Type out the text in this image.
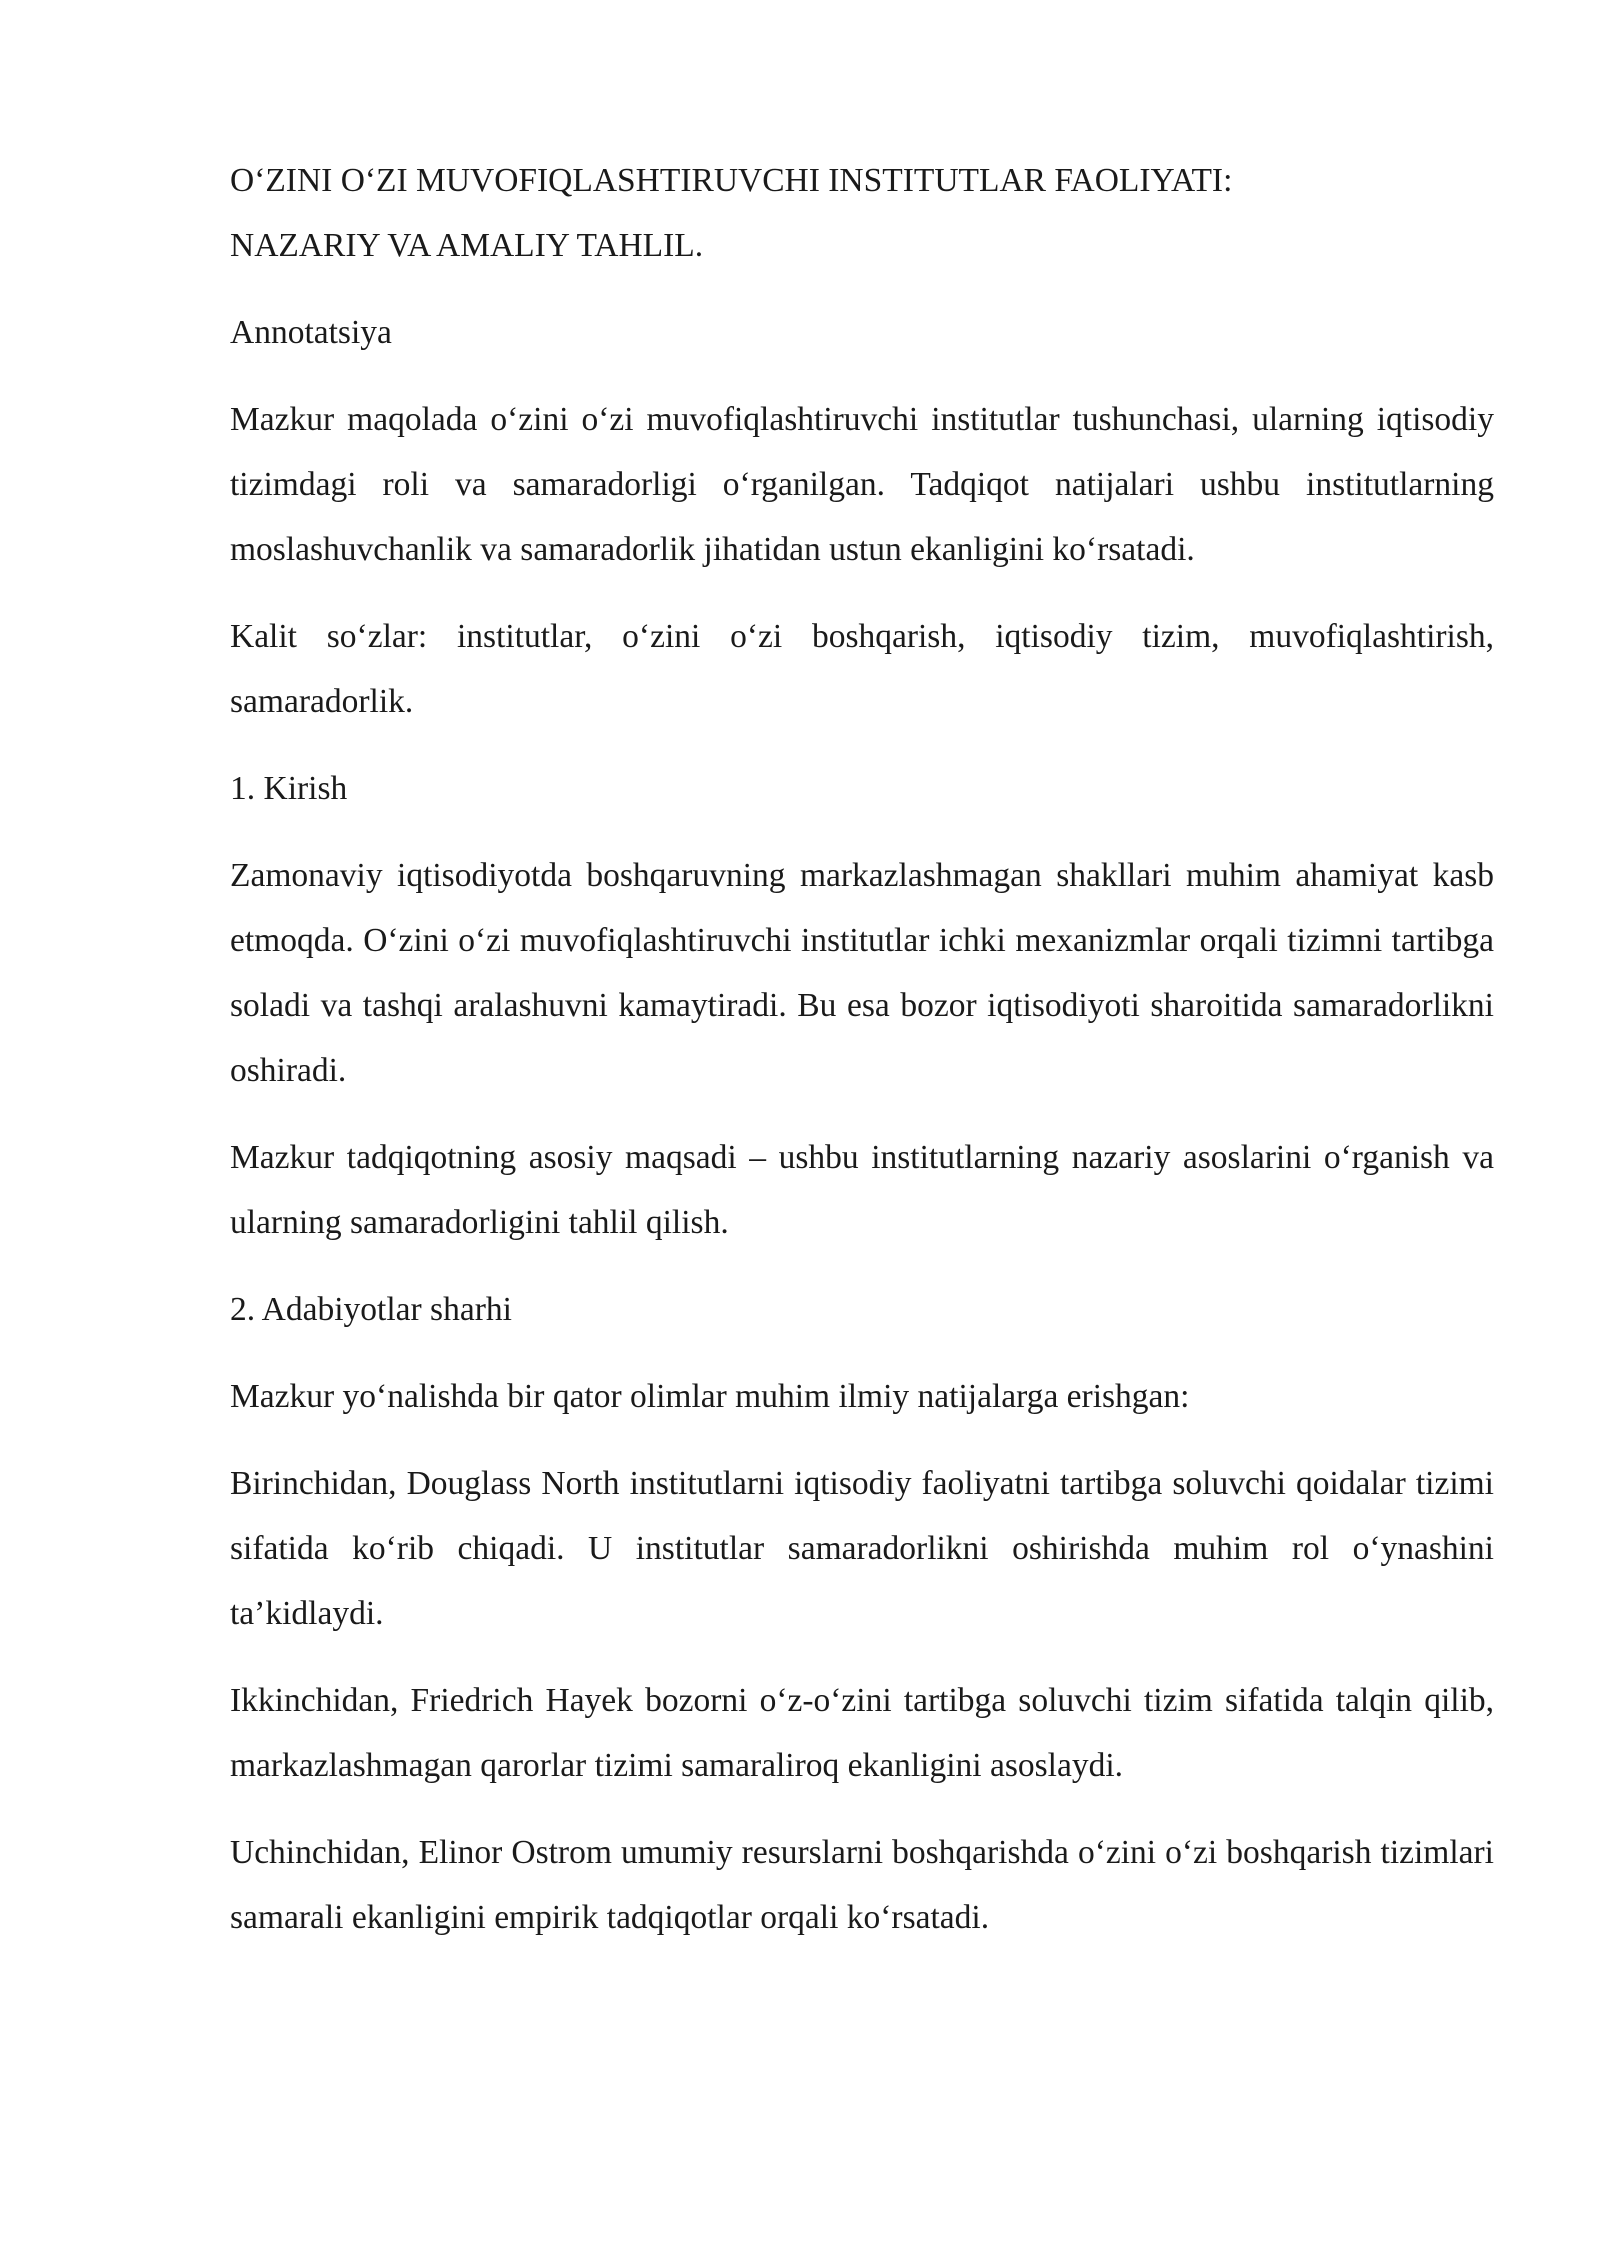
O‘ZINI O‘ZI MUVOFIQLASHTIRUVCHI INSTITUTLAR FAOLIYATI:
NAZARIY VA AMALIY TAHLIL.

Annotatsiya

Mazkur maqolada o‘zini o‘zi muvofiqlashtiruvchi institutlar tushunchasi, ularning iqtisodiy tizimdagi roli va samaradorligi o‘rganilgan. Tadqiqot natijalari ushbu institutlarning moslashuvchanlik va samaradorlik jihatidan ustun ekanligini ko‘rsatadi.

Kalit so‘zlar: institutlar, o‘zini o‘zi boshqarish, iqtisodiy tizim, muvofiqlashtirish, samaradorlik.

1. Kirish

Zamonaviy iqtisodiyotda boshqaruvning markazlashmagan shakllari muhim ahamiyat kasb etmoqda. O‘zini o‘zi muvofiqlashtiruvchi institutlar ichki mexanizmlar orqali tizimni tartibga soladi va tashqi aralashuvni kamaytiradi. Bu esa bozor iqtisodiyoti sharoitida samaradorlikni oshiradi.

Mazkur tadqiqotning asosiy maqsadi – ushbu institutlarning nazariy asoslarini o‘rganish va ularning samaradorligini tahlil qilish.

2. Adabiyotlar sharhi

Mazkur yo‘nalishda bir qator olimlar muhim ilmiy natijalarga erishgan:

Birinchidan, Douglass North institutlarni iqtisodiy faoliyatni tartibga soluvchi qoidalar tizimi sifatida ko‘rib chiqadi. U institutlar samaradorlikni oshirishda muhim rol o‘ynashini ta’kidlaydi.

Ikkinchidan, Friedrich Hayek bozorni o‘z-o‘zini tartibga soluvchi tizim sifatida talqin qilib, markazlashmagan qarorlar tizimi samaraliroq ekanligini asoslaydi.

Uchinchidan, Elinor Ostrom umumiy resurslarni boshqarishda o‘zini o‘zi boshqarish tizimlari samarali ekanligini empirik tadqiqotlar orqali ko‘rsatadi.
